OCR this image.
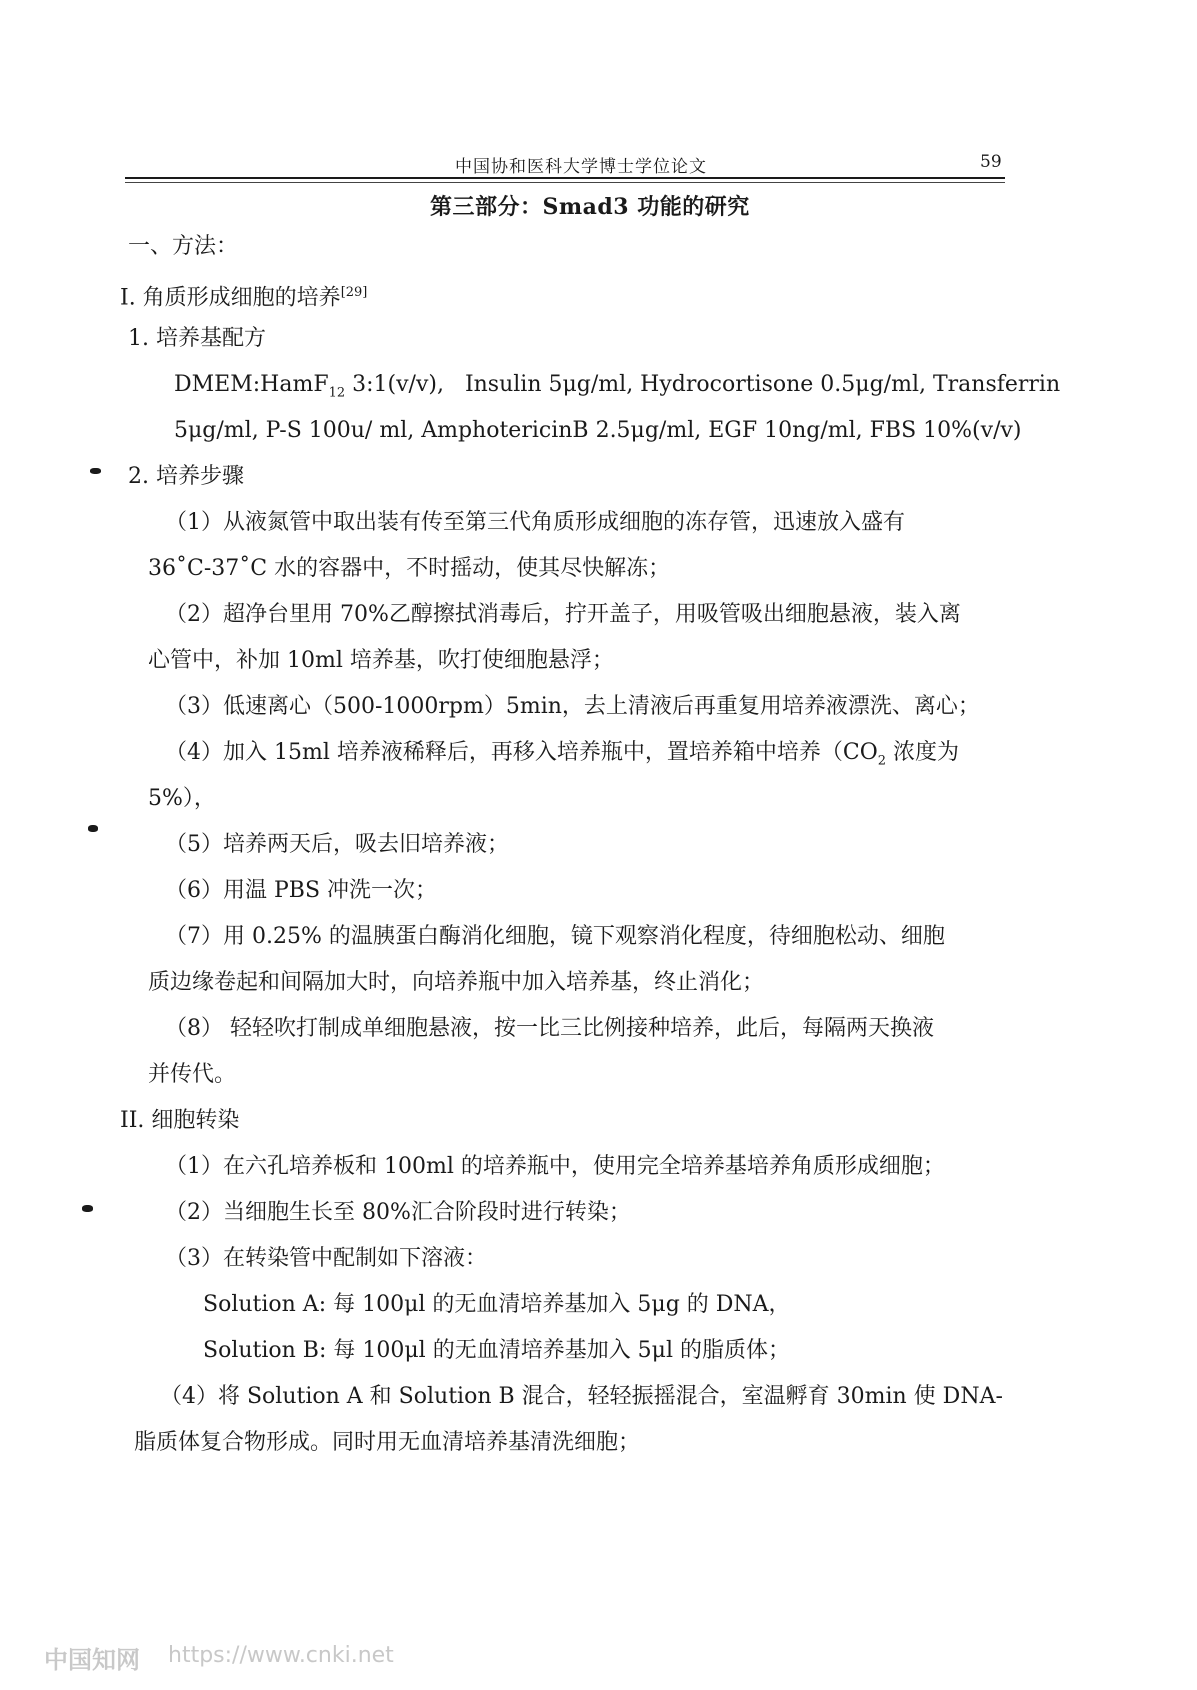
中国协和医科大学博士学位论文	59
第三部分：Smad3 功能的研究
一、方法：
I. 角质形成细胞的培养[29]
1. 培养基配方
DMEM:HamF$_{12}$ 3:1(v/v),   Insulin 5μg/ml, Hydrocortisone 0.5μg/ml, Transferrin
5μg/ml, P-S 100u/ ml, AmphotericinB 2.5μg/ml, EGF 10ng/ml, FBS 10%(v/v)
2. 培养步骤
（1）从液氮管中取出装有传至第三代角质形成细胞的冻存管，迅速放入盛有
36˚C-37˚C 水的容器中，不时摇动，使其尽快解冻；
（2）超净台里用 70%乙醇擦拭消毒后，拧开盖子，用吸管吸出细胞悬液，装入离
心管中，补加 10ml 培养基，吹打使细胞悬浮；
（3）低速离心（500-1000rpm）5min，去上清液后再重复用培养液漂洗、离心；
（4）加入 15ml 培养液稀释后，再移入培养瓶中，置培养箱中培养（$CO_2$ 浓度为
5%），
（5）培养两天后，吸去旧培养液；
（6）用温 PBS 冲洗一次；
（7）用 0.25% 的温胰蛋白酶消化细胞，镜下观察消化程度，待细胞松动、细胞
质边缘卷起和间隔加大时，向培养瓶中加入培养基，终止消化；
（8） 轻轻吹打制成单细胞悬液，按一比三比例接种培养，此后，每隔两天换液
并传代。
II. 细胞转染
（1）在六孔培养板和 100ml 的培养瓶中，使用完全培养基培养角质形成细胞；
（2）当细胞生长至 80%汇合阶段时进行转染；
（3）在转染管中配制如下溶液：
Solution A: 每 100μl 的无血清培养基加入 5μg 的 DNA，
Solution B: 每 100μl 的无血清培养基加入 5μl 的脂质体；
（4）将 Solution A 和 Solution B 混合，轻轻振摇混合，室温孵育 30min 使 DNA-
脂质体复合物形成。同时用无血清培养基清洗细胞；
中国知网 https://www.cnki.net
